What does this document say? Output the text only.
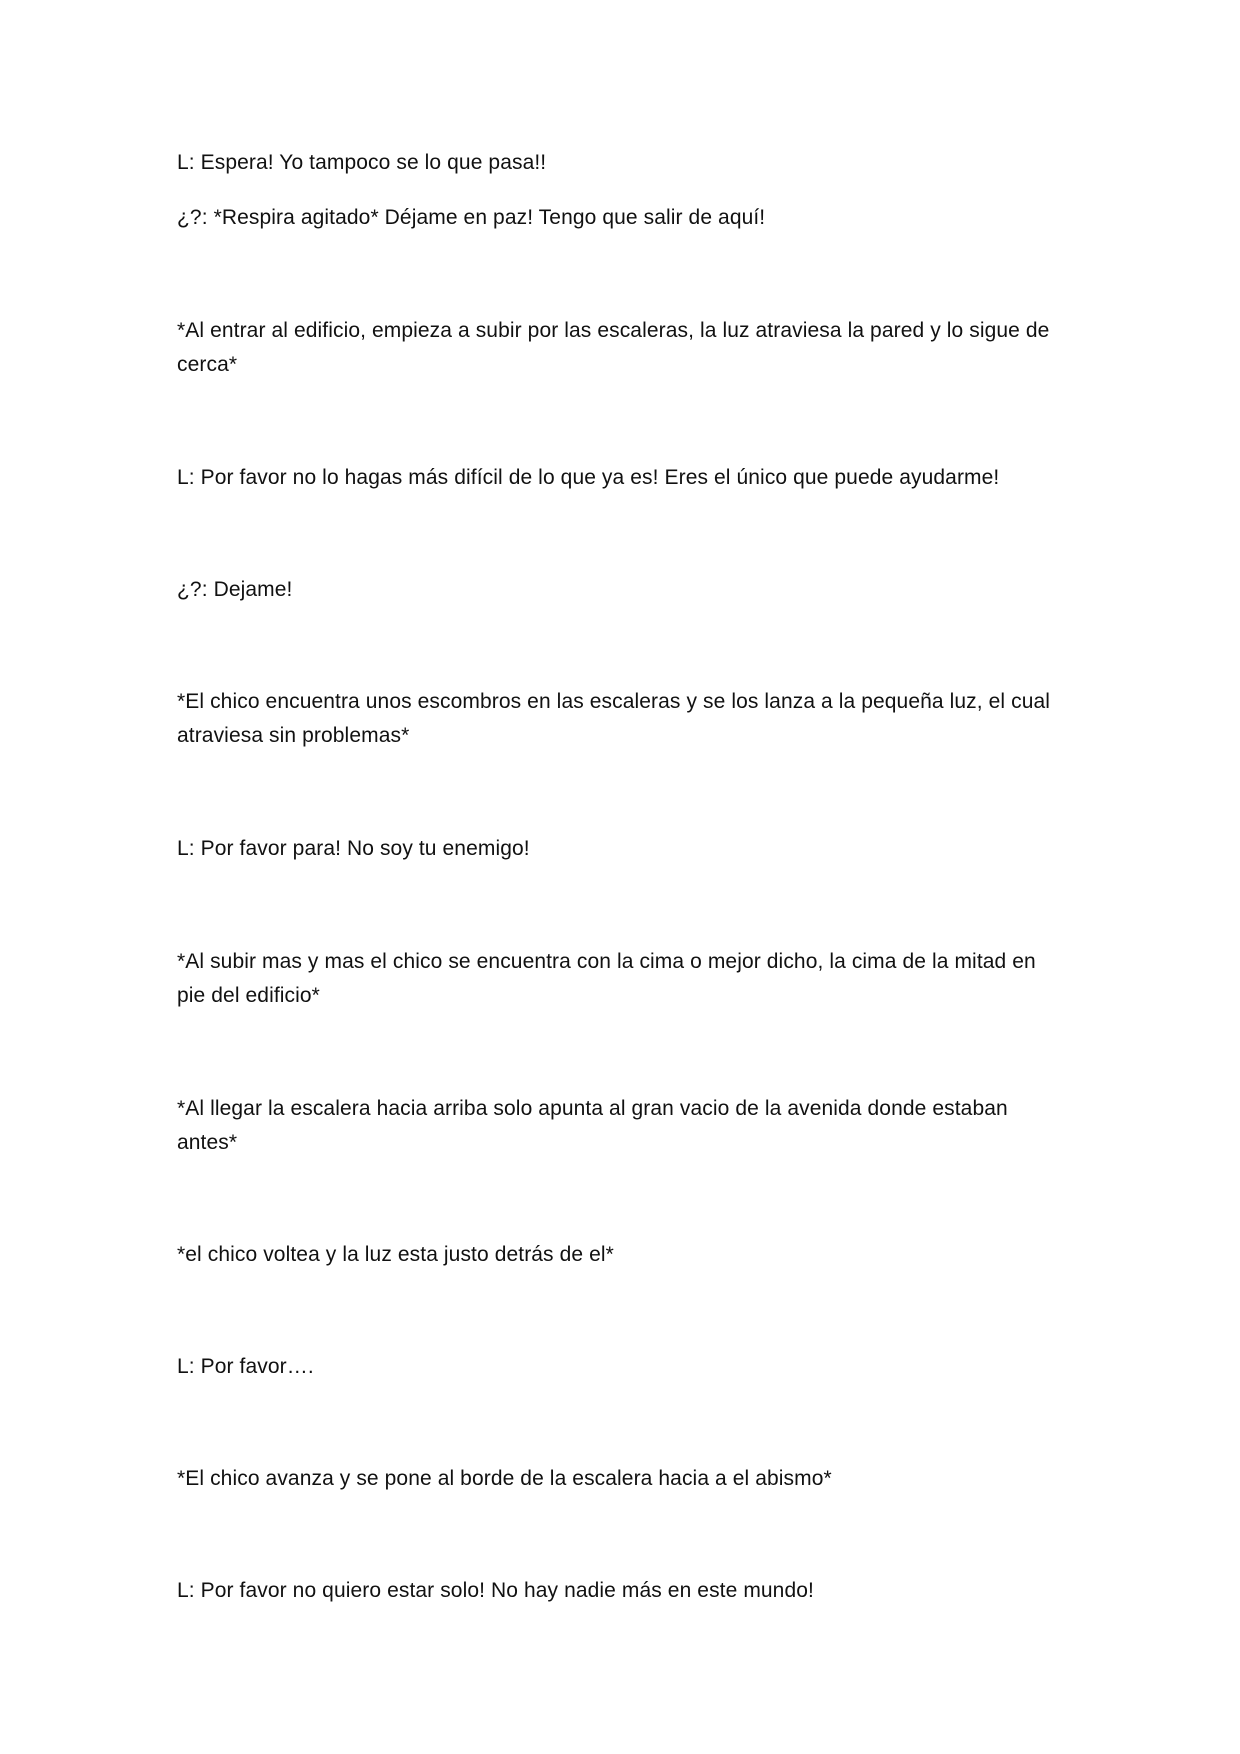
L: Espera! Yo tampoco se lo que pasa!!

¿?: *Respira agitado* Déjame en paz! Tengo que salir de aquí!

*Al entrar al edificio, empieza a subir por las escaleras, la luz atraviesa la pared y lo sigue de cerca*

L: Por favor no lo hagas más difícil de lo que ya es! Eres el único que puede ayudarme!

¿?: Dejame!

*El chico encuentra unos escombros en las escaleras y se los lanza a la pequeña luz, el cual atraviesa sin problemas*

L: Por favor para! No soy tu enemigo!

*Al subir mas y mas el chico se encuentra con la cima o mejor dicho, la cima de la mitad en pie del edificio*

*Al llegar la escalera hacia arriba solo apunta al gran vacio de la avenida donde estaban antes*

*el chico voltea y la luz esta justo detrás de el*

L: Por favor….

*El chico avanza y se pone al borde de la escalera hacia a el abismo*

L: Por favor no quiero estar solo! No hay nadie más en este mundo!
